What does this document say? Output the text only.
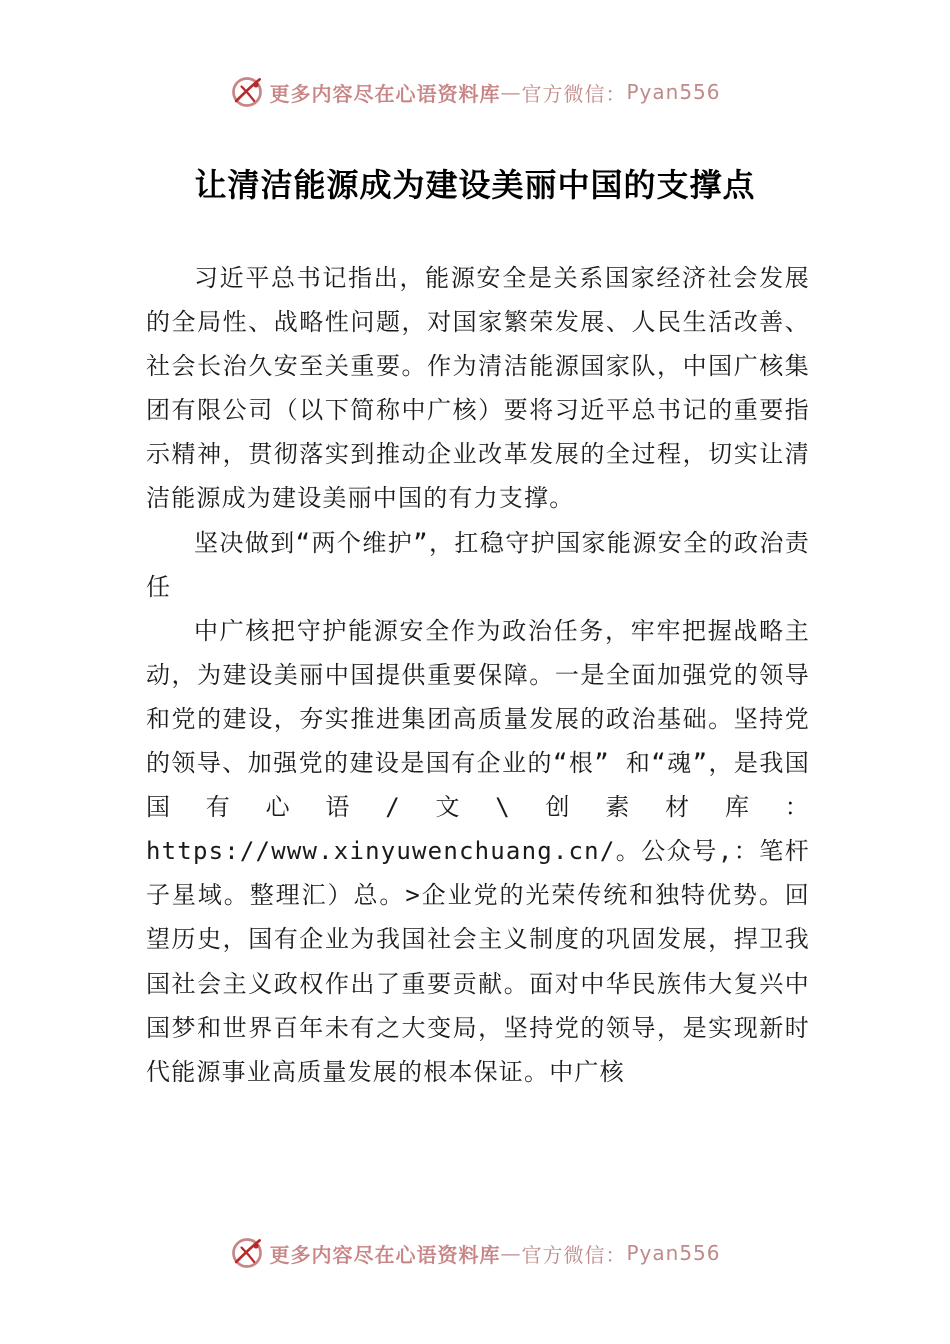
更多内容尽在心语资料库 — 官方微信： Pyan556
让清洁能源成为建设美丽中国的支撑点

习近平总书记指出，能源安全是关系国家经济社会发展的全局性、战略性问题，对国家繁荣发展、人民生活改善、社会长治久安至关重要。作为清洁能源国家队，中国广核集团有限公司（以下简称中广核）要将习近平总书记的重要指示精神，贯彻落实到推动企业改革发展的全过程，切实让清洁能源成为建设美丽中国的有力支撑。

坚决做到“两个维护”，扛稳守护国家能源安全的政治责任

中广核把守护能源安全作为政治任务，牢牢把握战略主动，为建设美丽中国提供重要保障。一是全面加强党的领导和党的建设，夯实推进集团高质量发展的政治基础。坚持党的领导、加强党的建设是国有企业的“根” 和“魂”，是我国国有心语/文\创素材库：https://www.xinyuwenchuang.cn/。公众号,：笔杆子星域。整理汇）总。>企业党的光荣传统和独特优势。回望历史，国有企业为我国社会主义制度的巩固发展，捍卫我国社会主义政权作出了重要贡献。面对中华民族伟大复兴中国梦和世界百年未有之大变局，坚持党的领导，是实现新时代能源事业高质量发展的根本保证。中广核

更多内容尽在心语资料库 — 官方微信： Pyan556
